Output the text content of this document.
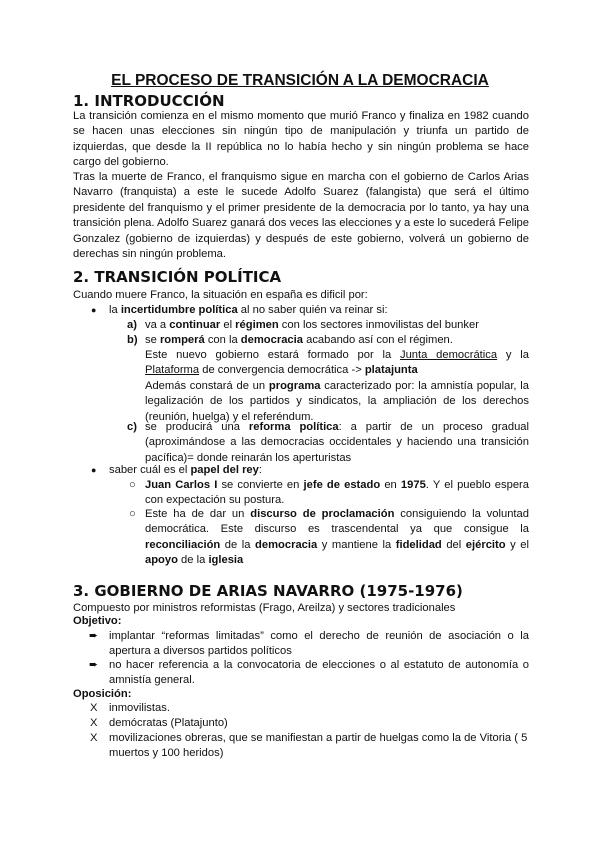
EL PROCESO DE TRANSICIÓN A LA DEMOCRACIA
1. INTRODUCCIÓN

La transición comienza en el mismo momento que murió Franco y finaliza en 1982 cuando se hacen unas elecciones sin ningún tipo de manipulación y triunfa un partido de izquierdas, que desde la II república no lo había hecho y sin ningún problema se hace cargo del gobierno.

Tras la muerte de Franco, el franquismo sigue en marcha con el gobierno de Carlos Arias Navarro (franquista) a este le sucede Adolfo Suarez (falangista) que será el último presidente del franquismo y el primer presidente de la democracia por lo tanto, ya hay una transición plena. Adolfo Suarez ganará dos veces las elecciones y a este lo sucederá Felipe Gonzalez (gobierno de izquierdas) y después de este gobierno, volverá un gobierno de derechas sin ningún problema.

2. TRANSICIÓN POLÍTICA

Cuando muere Franco, la situación en españa es dificil por:

● la incertidumbre política al no saber quién va reinar si:

a) va a continuar el régimen con los sectores inmovilistas del bunker

b) se romperá con la democracia acabando así con el régimen.

Este nuevo gobierno estará formado por la Junta democrática y la Plataforma de convergencia democrática -> platajunta

Además constará de un programa caracterizado por: la amnistía popular, la legalización de los partidos y sindicatos, la ampliación de los derechos (reunión, huelga) y el referéndum.

c) se producirá una reforma política: a partir de un proceso gradual (aproximándose a las democracias occidentales y haciendo una transición pacífica)= donde reinarán los aperturistas

● saber cuál es el papel del rey:

○ Juan Carlos I se convierte en jefe de estado en 1975. Y el pueblo espera con expectación su postura.

○ Este ha de dar un discurso de proclamación consiguiendo la voluntad democrática. Este discurso es trascendental ya que consigue la reconciliación de la democracia y mantiene la fidelidad del ejército y el apoyo de la iglesia

3. GOBIERNO DE ARIAS NAVARRO (1975-1976)

Compuesto por ministros reformistas (Frago, Areilza) y sectores tradicionales

Objetivo:

➨ implantar “reformas limitadas” como el derecho de reunión de asociación o la apertura a diversos partidos políticos

➨ no hacer referencia a la convocatoria de elecciones o al estatuto de autonomía o amnistía general.

Oposición:

X inmovilistas.

X demócratas (Platajunto)

X movilizaciones obreras, que se manifiestan a partir de huelgas como la de Vitoria ( 5 muertos y 100 heridos)
